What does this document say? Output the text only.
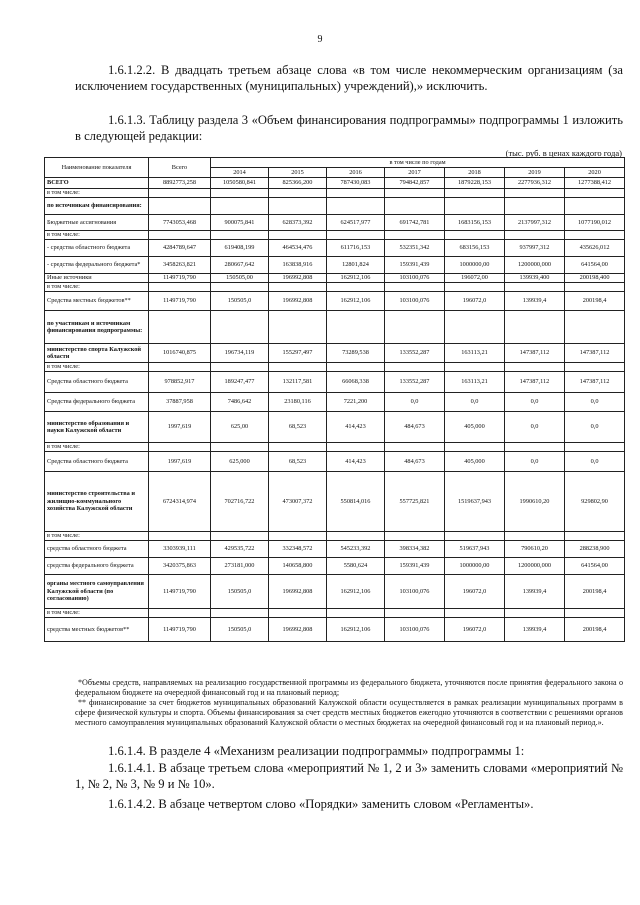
9
1.6.1.2.2. В двадцать третьем абзаце слова «в том числе некоммерческим организациям (за исключением государственных (муниципальных) учреждений),» исключить.
1.6.1.3. Таблицу раздела 3 «Объем финансирования подпрограммы» подпрограммы 1 изложить в следующей редакции:
(тыс. руб. в ценах каждого года)
Наименование показателя	Всего	в том числе по годам						
		2014	2015	2016	2017	2018	2019	2020
ВСЕГО	8892773,258	1050580,841	825366,200	787430,083	794842,857	1879228,153	2277936,312	1277388,412
в том числе:								
по источникам финансирования:								
Бюджетные ассигнования	7743053,468	900075,841	628373,392	624517,977	691742,781	1683156,153	2137997,312	1077190,012
в том числе:								
- средства областного бюджета	4284789,647	619408,199	464534,476	611716,153	532351,342	683156,153	937997,312	435626,012
- средства федерального бюджета*	3458263,821	280667,642	163838,916	12801,824	159391,439	1000000,00	1200000,000	641564,00
Иные источники	1149719,790	150505,00	196992,808	162912,106	103100,076	196072,00	139939,400	200198,400
в том числе:								
Средства местных бюджетов**	1149719,790	150505,0	196992,808	162912,106	103100,076	196072,0	139939,4	200198,4
по участникам и источникам финансирования подпрограммы:								
министерство спорта Калужской области	1016740,875	196734,119	155297,497	73289,538	133552,287	163113,21	147387,112	147387,112
в том числе:								
Средства областного бюджета	978852,917	189247,477	132117,581	66068,338	133552,287	163113,21	147387,112	147387,112
Средства федерального бюджета	37887,958	7486,642	23180,116	7221,200	0,0	0,0	0,0	0,0
министерство образования и науки Калужской области	1997,619	625,00	68,523	414,423	484,673	405,000	0,0	0,0
в том числе:								
Средства областного бюджета	1997,619	625,000	68,523	414,423	484,673	405,000	0,0	0,0
министерство строительства и жилищно-коммунального хозяйства Калужской области	6724314,974	702716,722	473007,372	550814,016	557725,821	1519637,943	1990610,20	929802,90
в том числе:								
средства областного бюджета	3303939,111	429535,722	332348,572	545233,392	398334,382	519637,943	790610,20	288238,900
средства федерального бюджета	3420375,863	273181,000	140658,800	5580,624	159391,439	1000000,00	1200000,000	641564,00
органы местного самоуправления Калужской области (по согласованию)	1149719,790	150505,0	196992,808	162912,106	103100,076	196072,0	139939,4	200198,4
в том числе:								
средства местных бюджетов**	1149719,790	150505,0	196992,808	162912,106	103100,076	196072,0	139939,4	200198,4

*Объемы средств, направляемых на реализацию государственной программы из федерального бюджета, уточняются после принятия федерального закона о федеральном бюджете на очередной финансовый год и на плановый период;

** финансирование за счет бюджетов муниципальных образований Калужской области осуществляется в рамках реализации муниципальных программ в сфере физической культуры и спорта. Объемы финансирования за счет средств местных бюджетов ежегодно уточняются в соответствии с решениями органов местного самоуправления муниципальных образований Калужской области о местных бюджетах на очередной финансовый год и на плановый период.».

1.6.1.4. В разделе 4 «Механизм реализации подпрограммы» подпрограммы 1:
1.6.1.4.1. В абзаце третьем слова «мероприятий № 1, 2 и 3» заменить словами «мероприятий № 1, № 2, № 3, № 9 и № 10».
1.6.1.4.2. В абзаце четвертом слово «Порядки» заменить словом «Регламенты».
